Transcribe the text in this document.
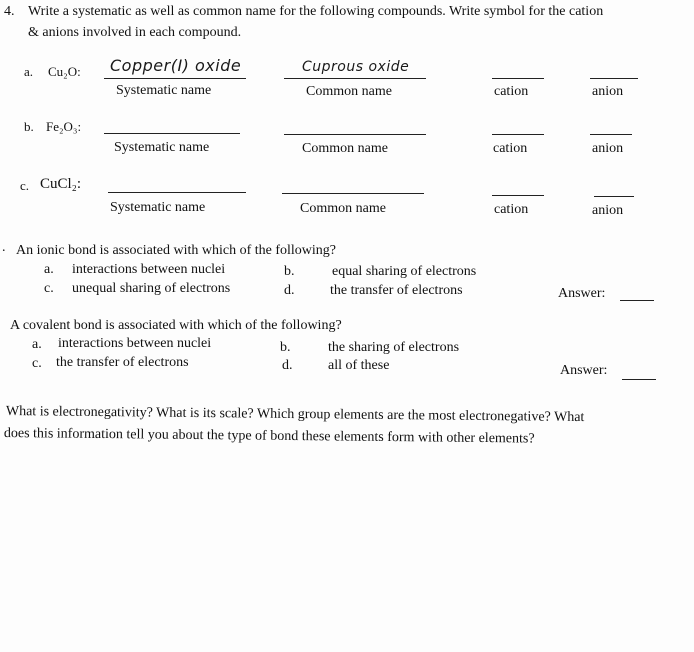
4. Write a systematic as well as common name for the following compounds. Write symbol for the cation
& anions involved in each compound.
a. Cu₂O: Copper(I) oxide	Cuprous oxide
Systematic name	Common name	cation	anion
b. Fe₂O₃:
Systematic name	Common name	cation	anion
c. CuCl₂:
Systematic name	Common name	cation	anion
. An ionic bond is associated with which of the following?
a. interactions between nuclei	b.	equal sharing of electrons
c. unequal sharing of electrons	d.	the transfer of electrons	Answer:
A covalent bond is associated with which of the following?
a. interactions between nuclei	b.	the sharing of electrons
c. the transfer of electrons	d.	all of these	Answer:
What is electronegativity? What is its scale? Which group elements are the most electronegative? What
does this information tell you about the type of bond these elements form with other elements?
